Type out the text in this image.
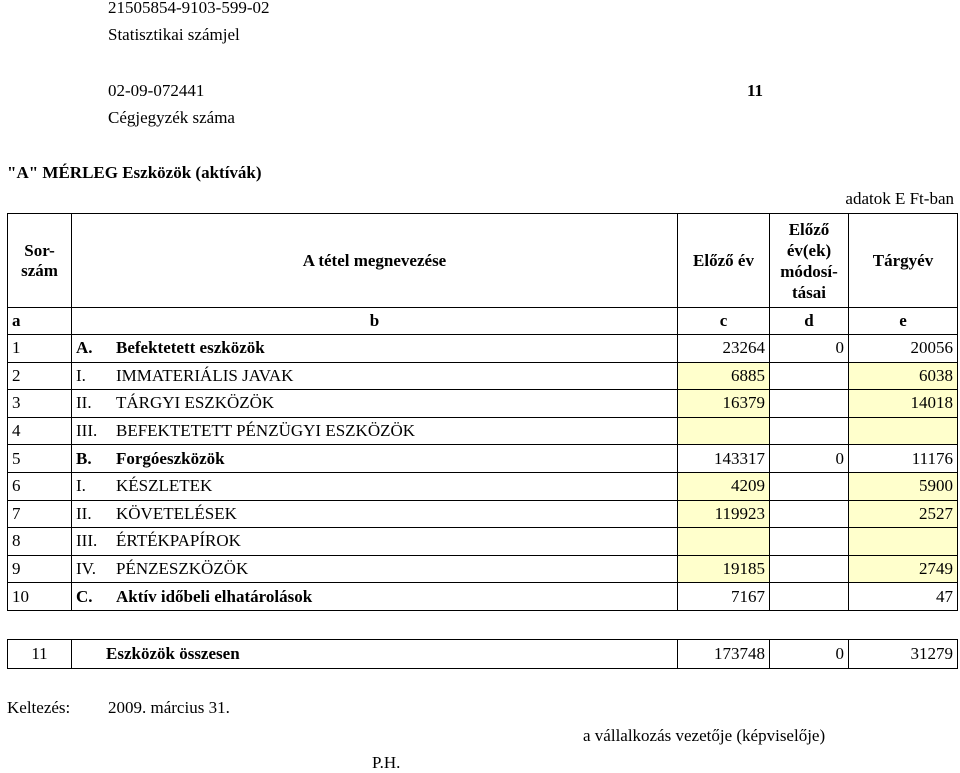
21505854-9103-599-02
Statisztikai számjel
02-09-072441	11
Cégjegyzék száma
"A" MÉRLEG Eszközök (aktívák)
adatok E Ft-ban
Sor-
szám	A tétel megnevezése	Előző év	Előző
év(ek)
módosí-
tásai	Tárgyév
a	b	c	d	e
1	A. Befektetett eszközök	23264	0	20056
2	I. IMMATERIÁLIS JAVAK	6885		6038
3	II. TÁRGYI ESZKÖZÖK	16379		14018
4	III. BEFEKTETETT PÉNZÜGYI ESZKÖZÖK			
5	B. Forgóeszközök	143317	0	11176
6	I. KÉSZLETEK	4209		5900
7	II. KÖVETELÉSEK	119923		2527
8	III. ÉRTÉKPAPÍROK			
9	IV. PÉNZESZKÖZÖK	19185		2749
10	C. Aktív időbeli elhatárolások	7167		47
11	Eszközök összesen	173748	0	31279
Keltezés: 2009. március 31.
a vállalkozás vezetője (képviselője)
P.H.
